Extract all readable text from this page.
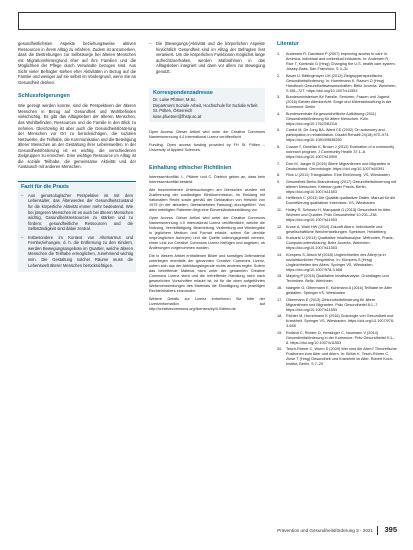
gesundheitlichsten Aspekte beziehungsweise aktiven Ressourcen in ihrem Alltag zu erfahren. Zudem ist anzumerken, dass die Bestrebungen zur Selbstsorge bei älteren Menschen mit Migrationshintergrund eher auf ihre Familien und die Möglichkeit der Pflege durch Verwandte bezogen sind. Aus Sicht vieler Befragter stehen eher Aktivitäten in Bezug auf die Familie und weniger auf sie selbst im Vordergrund, wenn Sie an Gesundheit denken.

Schlussfolgerungen

Wie gezeigt werden konnte, sind die Perspektiven der älteren Menschen in Bezug auf Gesundheit und Wohlbefinden vielschichtig. Es gibt das Alltagsleben der älteren Menschen, das Wohlbefinden, Ressourcen und die Familie in den Blick zu nehmen. Gleichzeitig ist aber auch die Gesundheitsförderung der Menschen vor Ort zu berücksichtigen, die sozialen Netzwerke, die Teilhabe, die Kommunikation und die Beteiligung älterer Menschen an der Gestaltung ihrer Lebenswelten. In der Gesundheitsförderung ist es wichtig, die verschiedenen Zielgruppen zu erreichen. Eine wichtige Ressource im Alltag ist die soziale Teilhabe, die gemeinsame Aktivität und der Austausch mit anderen Menschen.

Fazit für die Praxis
– Aus gerontologischer Perspektive ist mit dem Lebensalter, das Älterwerden der Gesundheitszustand für die körperliche Aktivität immer mehr bedeutend. Wie bei jüngeren Menschen ist es auch bei älteren Menschen wichtig, Gesundheitsressourcen zu stärken und zu fördern; gesundheitliche Ressourcen und die Selbständigkeit sind dabei zentral.
– Insbesondere im Kontext von Altersarmut und Fernbeziehungen, d. h. die Entfernung zu den Kindern, werden Bewegungsangebote im Quartier, welche älteren Menschen die Teilhabe ermöglichen, zunehmend wichtig sein. Die Gestaltung solcher Räume muss die Lebenswelt älterer Menschen berücksichtigen.
– Die (Bewegungs-)Aktivität und die körperlichen Aspekte hinsichtlich Gesundheit sind im Alltag der Befragten fest verankert. Um die körperlichen Funktionen möglichst lange aufrechtzuerhalten, werden Maßnahmen in das Alltagsleben integriert und dann vor allem zur Bewegung genutzt.
Korrespondenzadresse

Dr. Luise Pfütner, M.Sc.

Department Soziale Arbeit, Hochschule für Soziale Arbeit

St. Pölten, Österreich

luise.pfuetner@fhstp.ac.at

Open Access. Dieser Artikel wird unter der Creative Commons Namensnennung 4.0 International Lizenz veröffentlicht.

Funding. Open access funding provided by FH St. Pölten – University of Applied Sciences.

Einhaltung ethischer Richtlinien

Interessenkonflikt. L. Pfütner und C. Dietrich geben an, dass kein Interessenkonflikt besteht.

Alle beschriebenen Untersuchungen am Menschen wurden mit Zustimmung der zuständigen Ethikkommission, im Einklang mit nationalem Recht sowie gemäß der Deklaration von Helsinki von 1975 (in der aktuellen, überarbeiteten Fassung) durchgeführt. Von allen beteiligten Patienten liegt eine Einverständniserklärung vor.

Open Access. Dieser Artikel wird unter der Creative Commons Namensnennung 4.0 International Lizenz veröffentlicht, welche die Nutzung, Vervielfältigung, Bearbeitung, Verbreitung und Wiedergabe in jeglichem Medium und Format erlaubt, sofern Sie den/die ursprünglichen Autor(en) und die Quelle ordnungsgemäß nennen, einen Link zur Creative Commons Lizenz beifügen und angeben, ob Änderungen vorgenommen wurden.

Die in diesem Artikel enthaltenen Bilder und sonstiges Drittmaterial unterliegen ebenfalls der genannten Creative Commons Lizenz, sofern sich aus der Abbildungslegende nichts anderes ergibt. Sofern das betreffende Material nicht unter der genannten Creative Commons Lizenz steht und die betreffende Handlung nicht nach gesetzlichen Vorschriften erlaubt ist, ist für die oben aufgeführten Weiterverwendungen des Materials die Einwilligung des jeweiligen Rechteinhabers einzuholen.

Weitere Details zur Lizenz entnehmen Sie bitte der Lizenzinformation auf http://creativecommons.org/licenses/by/4.0/deed.de.

Literatur
1. Andersen R, Davidson P (2007) Improving access to care in America: individual and contextual indicators. In: Andersen R, Rice T, Kominski G (Hrsg) Changing the U.S. health care system. Jossey-Bass, San Francisco, S 3–31
2. Bauer U, Bittlingmayer UH (2012) Zielgruppenspezifische Gesundheitsförderung. In: Hurrelmann K, Razum O (Hrsg) Handbuch Gesundheitswissenschaften. Beltz Juventa, Weinheim, S 691–727. https://doi.org/10.1007/s11553
3. Bundesministerium für Familie, Senioren, Frauen und Jugend (2016) Siebter Altenbericht. Sorge und Mitverantwortung in der Kommune. Berlin
4. Bundeszentrale für gesundheitliche Aufklärung (2011) Gesundheitsförderung für ältere Menschen. Köln. https://doi.org/10.17623/BZGA
5. Cardol M, De Jong BA, Ward CD (2002) On autonomy and participation in rehabilitation. Disabil Rehabil 24(18):970–974. https://doi.org/10.1080/09638280
6. Cowan Y, Donelan K, Brown J (2012) Evaluation of a community outreach program. J Community Health 37:1–8. https://doi.org/10.1007/s10900
7. Dorr M, Jaeger B (2016) Ältere Migrantinnen und Migranten in Deutschland. Gerontologie. https://doi.org/10.1007/s00391
8. Flick U (2011) Triangulation. Eine Einführung. VS, Wiesbaden
9. Gesundheit Berlin-Brandenburg (2017) Gesundheitsförderung mit älteren Menschen. Kriterien guter Praxis. Berlin. https://doi.org/10.1007/s11553
10. Helfferich C (2011) Die Qualität qualitativer Daten. Manual für die Durchführung qualitativer Interviews. VS, Wiesbaden
11. Holley R, Schwarz H, Marquardt G (2015) Gesundheit im Alter. Wohnen und Quartier. Präv Gesundheitsf 10:231–238. https://doi.org/10.1007/s11553
12. Kruse A, Wahl HW (2010) Zukunft Altern. Individuelle und gesellschaftliche Weichenstellungen. Spektrum, Heidelberg
13. Kuckartz U (2014) Qualitative Inhaltsanalyse. Methoden, Praxis, Computerunterstützung. Beltz Juventa, Weinheim. https://doi.org/10.1007/s11553
14. Kümpers S, Alisch M (2018) Ungleichheiten des Alter(n)s in sozialräumlicher Perspektive. In: Kümpers S (Hrsg) Ungleichheiten des Alters. Springer VS, Wiesbaden. https://doi.org/10.1007/978-3-658
15. Mayring P (2015) Qualitative Inhaltsanalyse. Grundlagen und Techniken. Beltz, Weinheim
16. Naegele G, Olbermann E, Kuhlmann A (2016) Teilhabe im Alter gestalten. Springer VS, Wiesbaden
17. Olbermann E (2013) Gesundheitsförderung für ältere Migrantinnen und Migranten. Präv Gesundheitsf 8:1–7. https://doi.org/10.1007/s11553
18. Richter M, Hurrelmann K (2016) Soziologie von Gesundheit und Krankheit. Springer VS, Wiesbaden. https://doi.org/10.1007/978-3-658
19. Rolland C, Richter D, Hensinger C, Naumann V (2014) Gesundheitsförderung in der Kommune. Präv Gesundheitsf 9:1–8. https://doi.org/10.1007/s11553
20. Tesch-Römer C, Wurm S (2009) Wer sind die Alten? Theoretische Positionen zum Alter und Altern. In: Böhm K, Tesch-Römer C, Ziese T (Hrsg) Gesundheit und Krankheit im Alter. Robert Koch-Institut, Berlin, S 7–20
Prävention und Gesundheitsförderung 3 · 2021 395
